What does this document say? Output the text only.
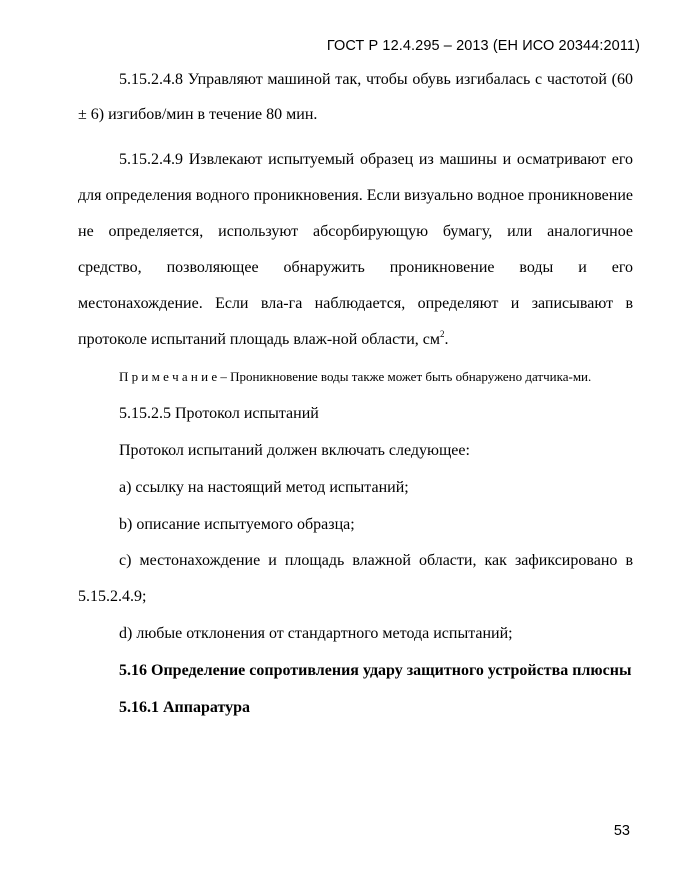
ГОСТ Р 12.4.295 – 2013 (ЕН ИСО 20344:2011)

5.15.2.4.8 Управляют машиной так, чтобы обувь изгибалась с частотой (60 ± 6) изгибов/мин в течение 80 мин.

5.15.2.4.9 Извлекают испытуемый образец из машины и осматривают его для определения водного проникновения. Если визуально водное проникновение не определяется, используют абсорбирующую бумагу, или аналогичное средство, позволяющее обнаружить проникновение воды и его местонахождение. Если вла-га наблюдается, определяют и записывают в протоколе испытаний площадь влаж-ной области, $см^2$.

П р и м е ч а н и е – Проникновение воды также может быть обнаружено датчика-ми.

5.15.2.5 Протокол испытаний

Протокол испытаний должен включать следующее:

a) ссылку на настоящий метод испытаний;

b) описание испытуемого образца;

c) местонахождение и площадь влажной области, как зафиксировано в 5.15.2.4.9;

d) любые отклонения от стандартного метода испытаний;

5.16 Определение сопротивления удару защитного устройства плюсны

5.16.1 Аппаратура

53
